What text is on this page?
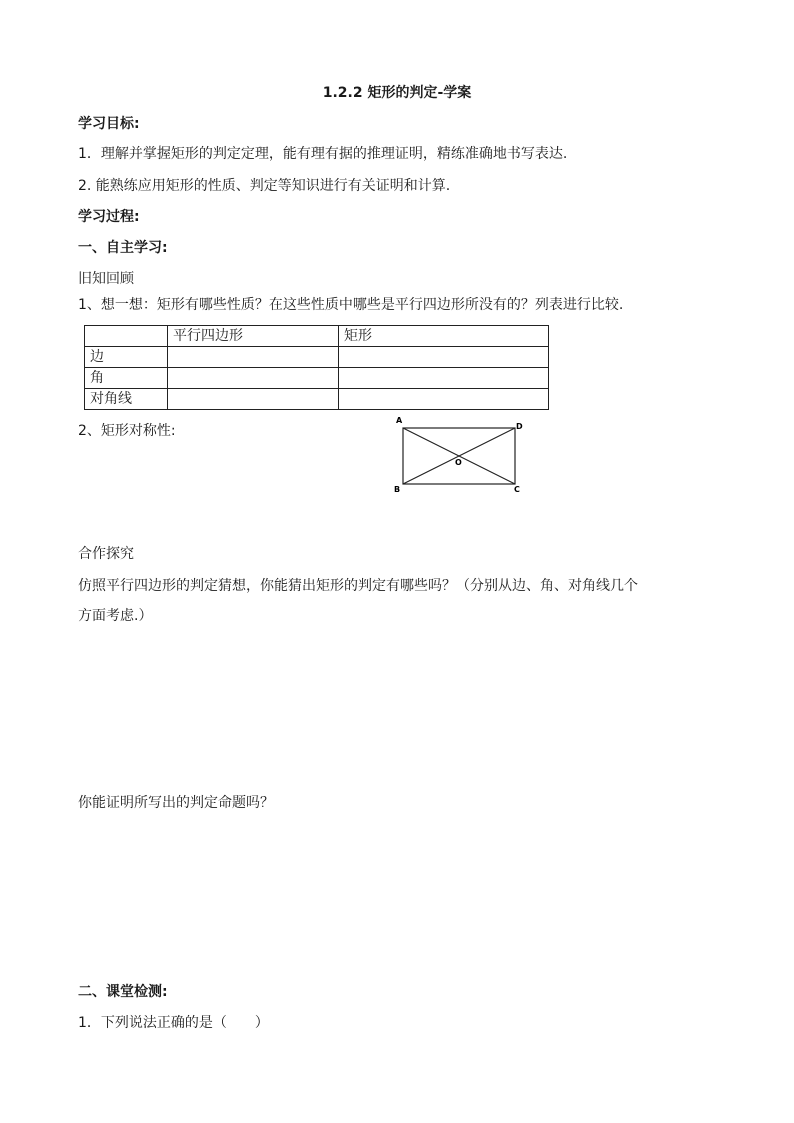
1.2.2 矩形的判定-学案
学习目标:
1．理解并掌握矩形的判定定理，能有理有据的推理证明，精练准确地书写表达.
2. 能熟练应用矩形的性质、判定等知识进行有关证明和计算.
学习过程:
一、自主学习:
旧知回顾
1、想一想：矩形有哪些性质？在这些性质中哪些是平行四边形所没有的？列表进行比较.
	平行四边形	矩形
边		
角		
对角线		
2、矩形对称性:
A
D
O
B	C
合作探究
仿照平行四边形的判定猜想，你能猜出矩形的判定有哪些吗？（分别从边、角、对角线几个
方面考虑.）
你能证明所写出的判定命题吗？
二、课堂检测:
1．下列说法正确的是（　　）
